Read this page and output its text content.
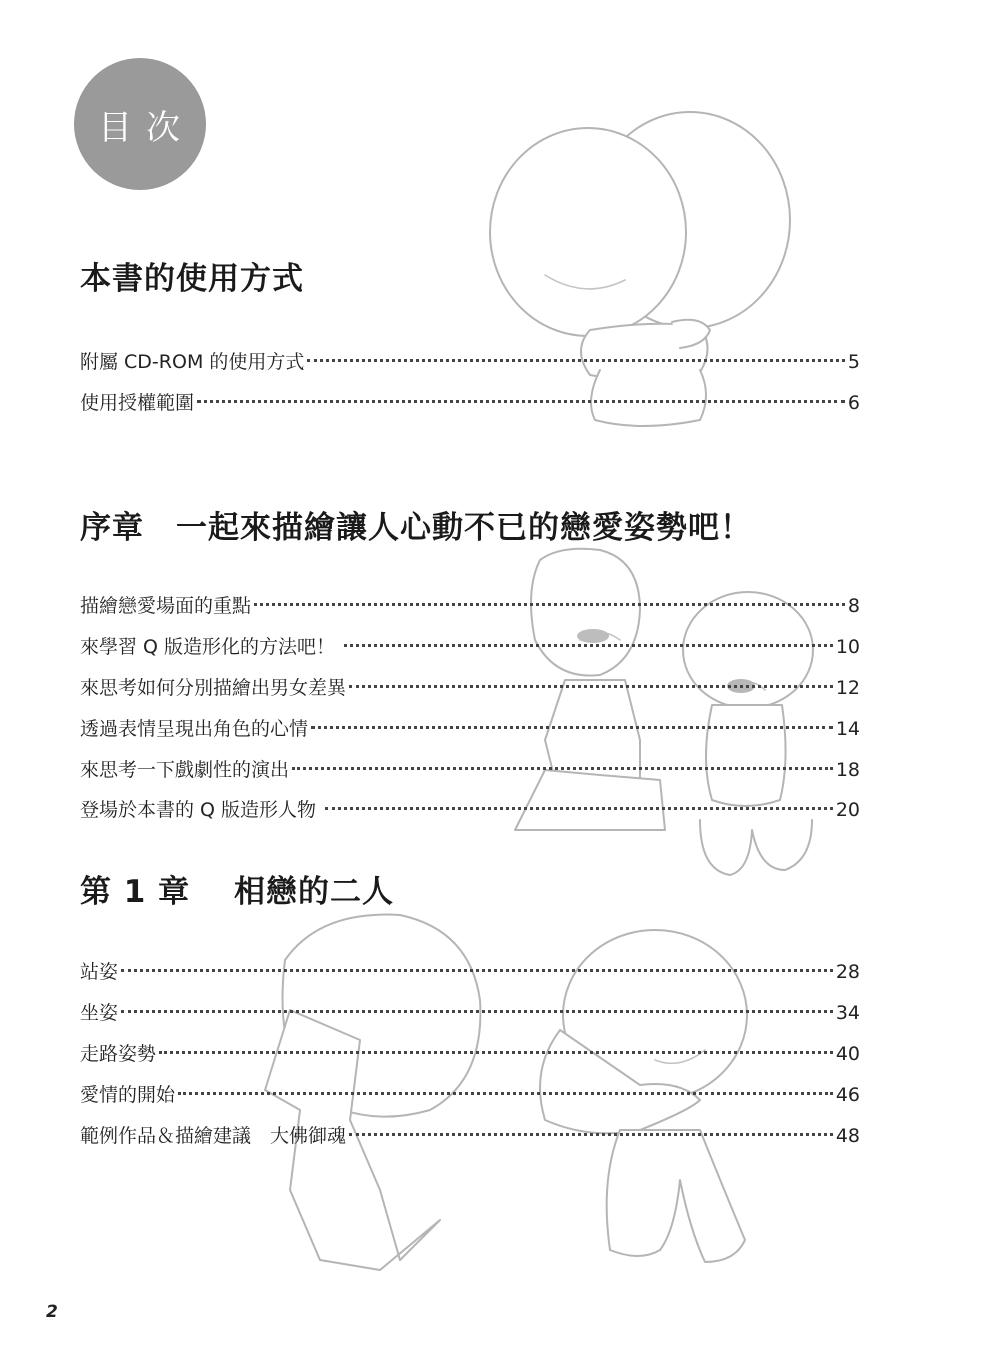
目次
本書的使用方式
附屬 CD-ROM 的使用方式	5
使用授權範圍	6
序章　一起來描繪讓人心動不已的戀愛姿勢吧！
描繪戀愛場面的重點	8
來學習 Q 版造形化的方法吧！	10
來思考如何分別描繪出男女差異	12
透過表情呈現出角色的心情	14
來思考一下戲劇性的演出	18
登場於本書的 Q 版造形人物	20
第 1 章　 相戀的二人
站姿	28
坐姿	34
走路姿勢	40
愛情的開始	46
範例作品＆描繪建議　大佛御魂	48
2
